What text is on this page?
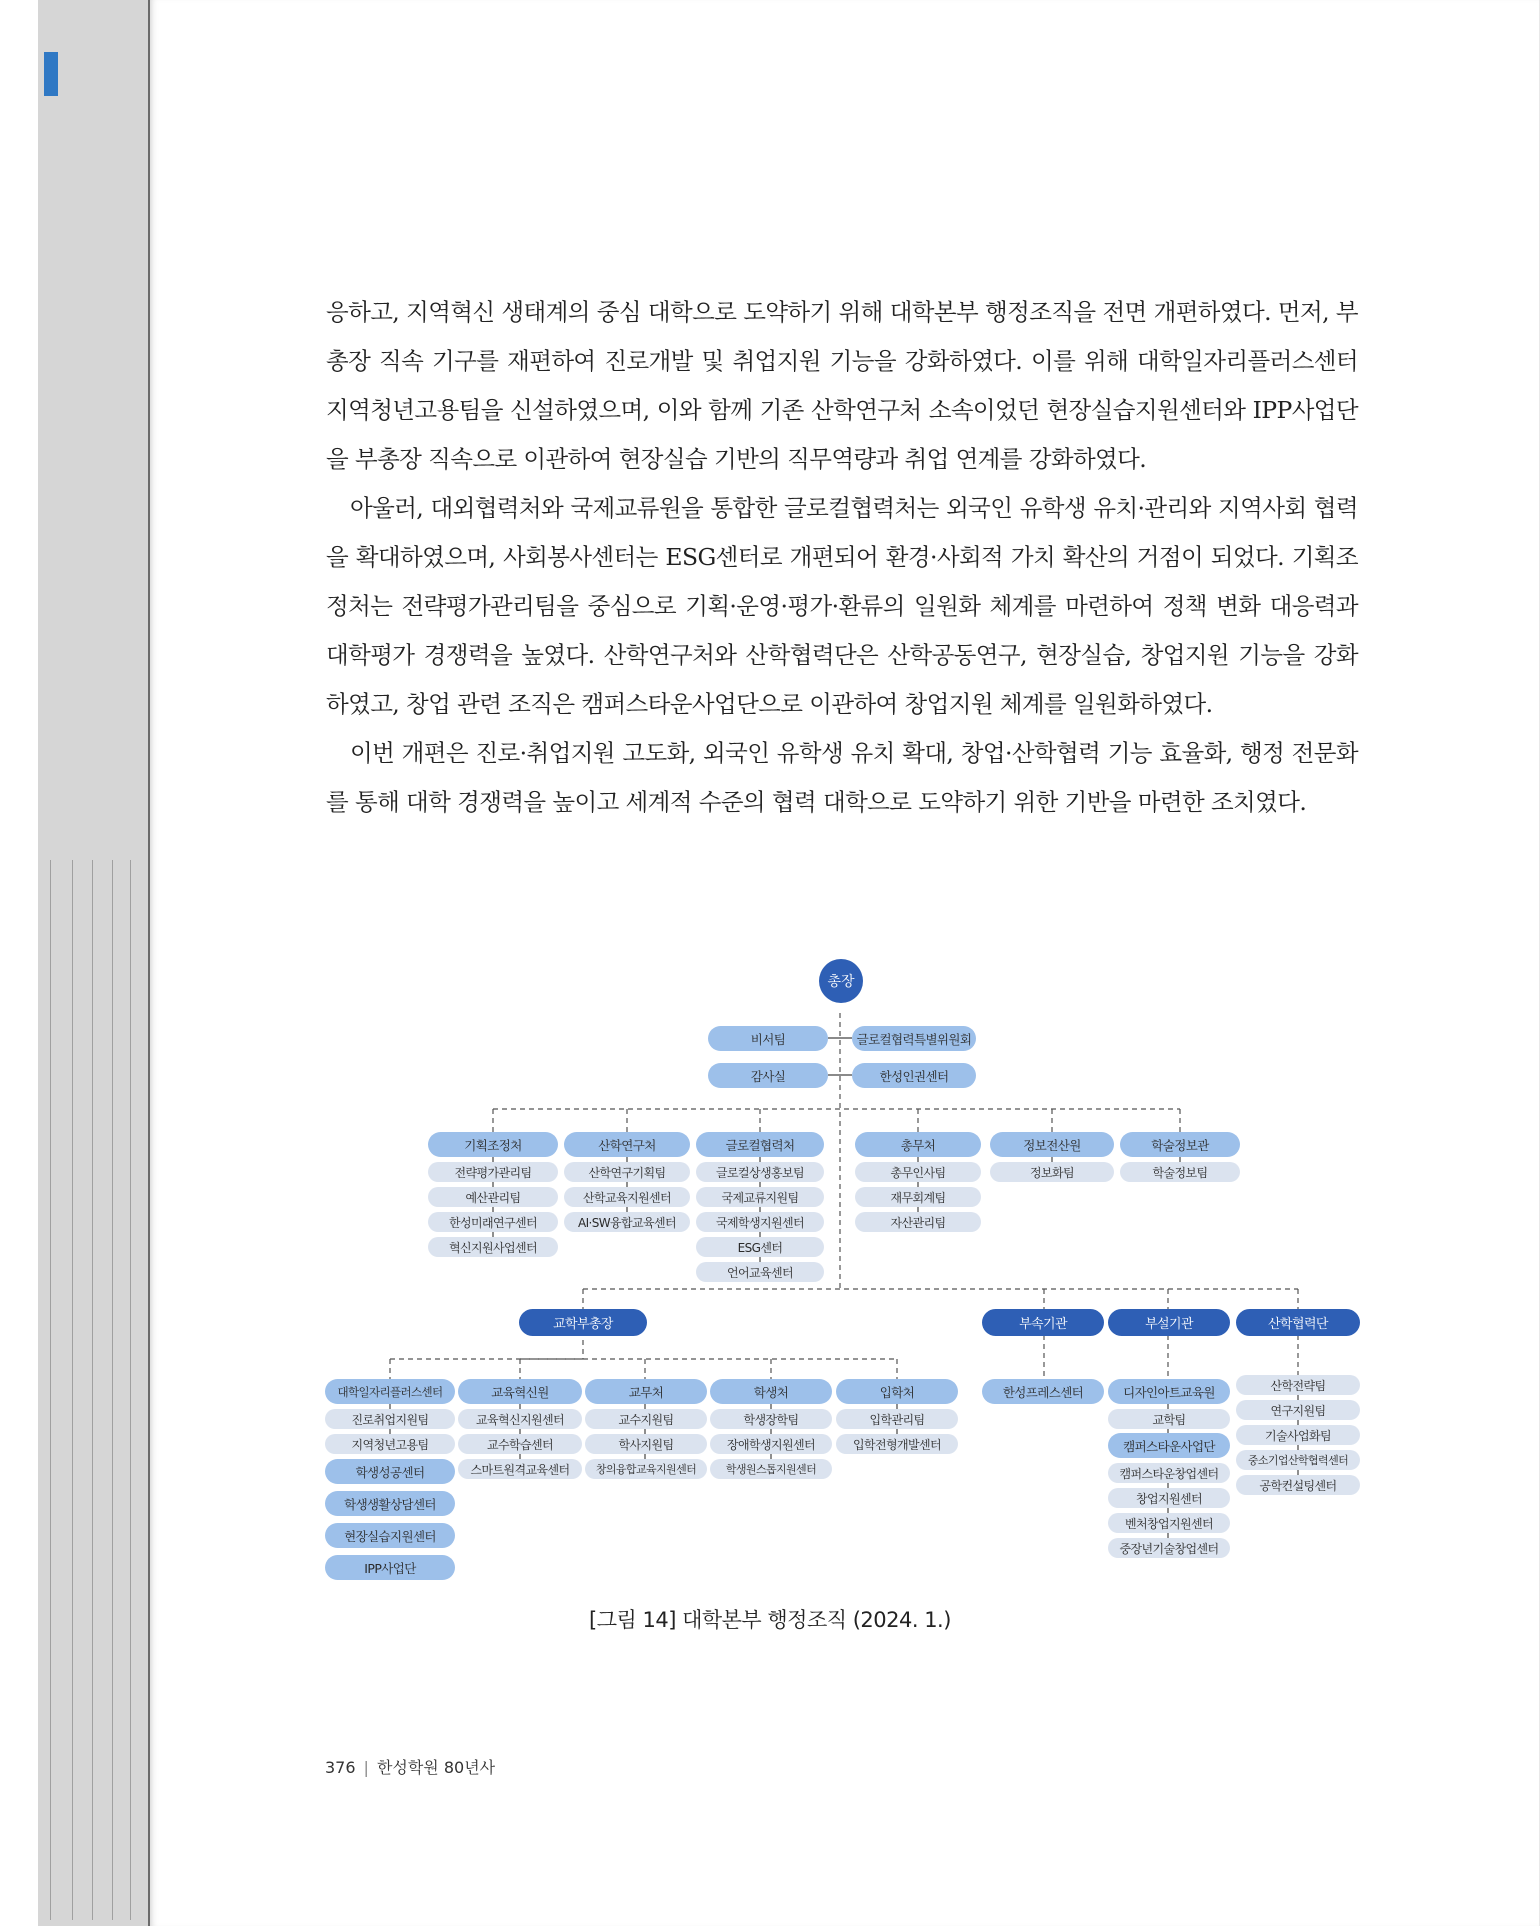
응하고, 지역혁신 생태계의 중심 대학으로 도약하기 위해 대학본부 행정조직을 전면 개편하였다. 먼저, 부총장 직속 기구를 재편하여 진로개발 및 취업지원 기능을 강화하였다. 이를 위해 대학일자리플러스센터 지역청년고용팀을 신설하였으며, 이와 함께 기존 산학연구처 소속이었던 현장실습지원센터와 IPP사업단을 부총장 직속으로 이관하여 현장실습 기반의 직무역량과 취업 연계를 강화하였다.

아울러, 대외협력처와 국제교류원을 통합한 글로컬협력처는 외국인 유학생 유치·관리와 지역사회 협력을 확대하였으며, 사회봉사센터는 ESG센터로 개편되어 환경·사회적 가치 확산의 거점이 되었다. 기획조정처는 전략평가관리팀을 중심으로 기획·운영·평가·환류의 일원화 체계를 마련하여 정책 변화 대응력과 대학평가 경쟁력을 높였다. 산학연구처와 산학협력단은 산학공동연구, 현장실습, 창업지원 기능을 강화하였고, 창업 관련 조직은 캠퍼스타운사업단으로 이관하여 창업지원 체계를 일원화하였다.

이번 개편은 진로·취업지원 고도화, 외국인 유학생 유치 확대, 창업·산학협력 기능 효율화, 행정 전문화를 통해 대학 경쟁력을 높이고 세계적 수준의 협력 대학으로 도약하기 위한 기반을 마련한 조치였다.

총장
비서팀
감사실
글로컬협력특별위원회
한성인권센터
기획조정처
전략평가관리팀
예산관리팀
한성미래연구센터
혁신지원사업센터
산학연구처
산학연구기획팀
산학교육지원센터
AI·SW융합교육센터
글로컬협력처
글로컬상생홍보팀
국제교류지원팀
국제학생지원센터
ESG센터
언어교육센터
총무처
총무인사팀
재무회계팀
자산관리팀
정보전산원
정보화팀
학술정보관
학술정보팀
교학부총장	부속기관	부설기관	산학협력단
대학일자리플러스센터
진로취업지원팀
지역청년고용팀
학생성공센터
학생생활상담센터
현장실습지원센터
IPP사업단
교육혁신원
교육혁신지원센터
교수학습센터
스마트원격교육센터
교무처
교수지원팀
학사지원팀
창의융합교육지원센터
학생처
학생장학팀
장애학생지원센터
학생원스톱지원센터
입학처
입학관리팀
입학전형개발센터
한성프레스센터	디자인아트교육원
교학팀
캠퍼스타운사업단
캠퍼스타운창업센터
창업지원센터
벤처창업지원센터
중장년기술창업센터
산학전략팀
연구지원팀
기술사업화팀
중소기업산학협력센터
공학컨설팅센터
[그림 14] 대학본부 행정조직 (2024. 1.)
376 | 한성학원 80년사
